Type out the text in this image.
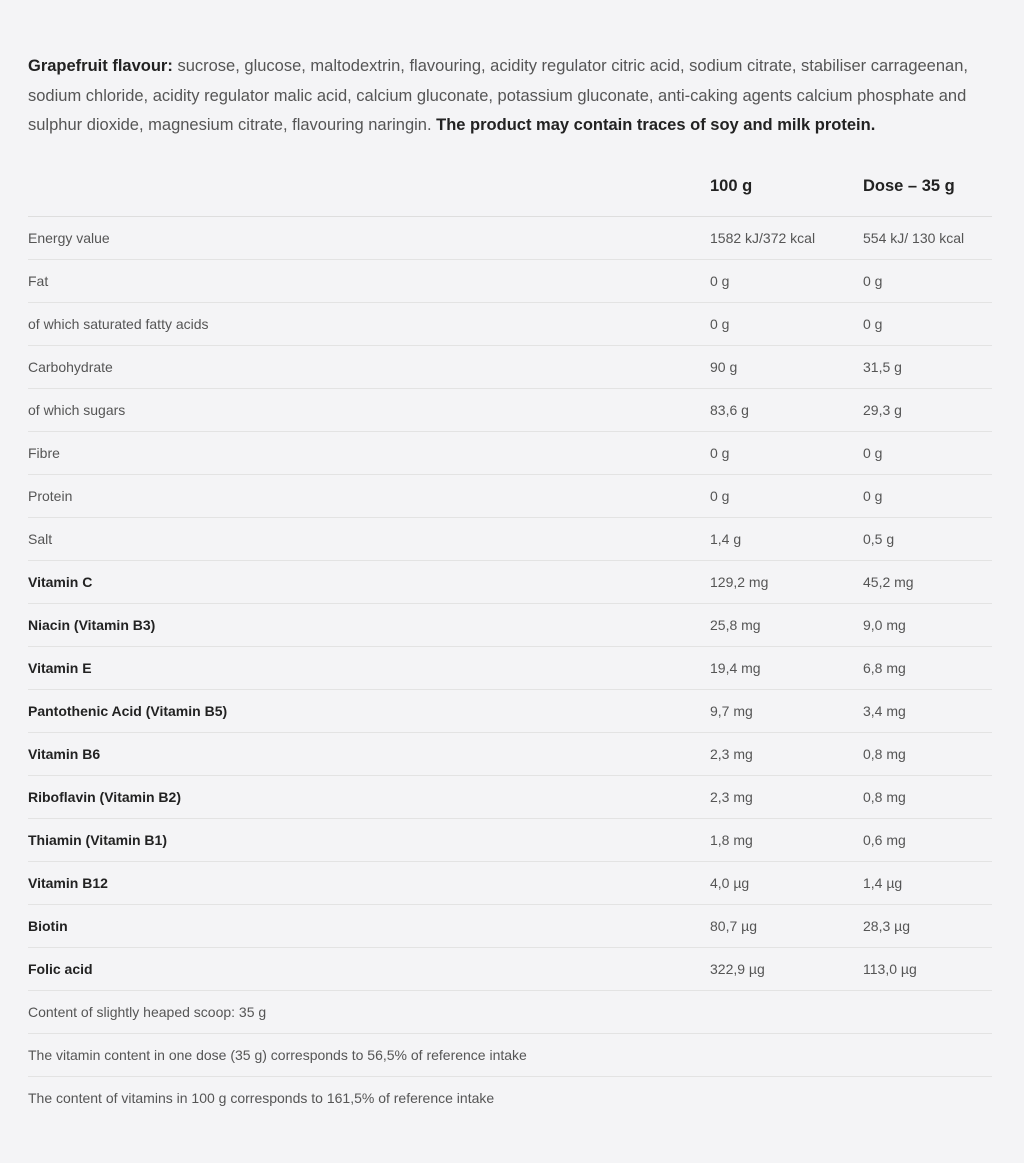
Grapefruit flavour: sucrose, glucose, maltodextrin, flavouring, acidity regulator citric acid, sodium citrate, stabiliser carrageenan, sodium chloride, acidity regulator malic acid, calcium gluconate, potassium gluconate, anti-caking agents calcium phosphate and sulphur dioxide, magnesium citrate, flavouring naringin. The product may contain traces of soy and milk protein.

	100 g	Dose – 35 g
Energy value	1582 kJ/372 kcal	554 kJ/ 130 kcal
Fat	0 g	0 g
of which saturated fatty acids	0 g	0 g
Carbohydrate	90 g	31,5 g
of which sugars	83,6 g	29,3 g
Fibre	0 g	0 g
Protein	0 g	0 g
Salt	1,4 g	0,5 g
Vitamin C	129,2 mg	45,2 mg
Niacin (Vitamin B3)	25,8 mg	9,0 mg
Vitamin E	19,4 mg	6,8 mg
Pantothenic Acid (Vitamin B5)	9,7 mg	3,4 mg
Vitamin B6	2,3 mg	0,8 mg
Riboflavin (Vitamin B2)	2,3 mg	0,8 mg
Thiamin (Vitamin B1)	1,8 mg	0,6 mg
Vitamin B12	4,0 µg	1,4 µg
Biotin	80,7 µg	28,3 µg
Folic acid	322,9 µg	113,0 µg
Content of slightly heaped scoop: 35 g		
The vitamin content in one dose (35 g) corresponds to 56,5% of reference intake		
The content of vitamins in 100 g corresponds to 161,5% of reference intake		
